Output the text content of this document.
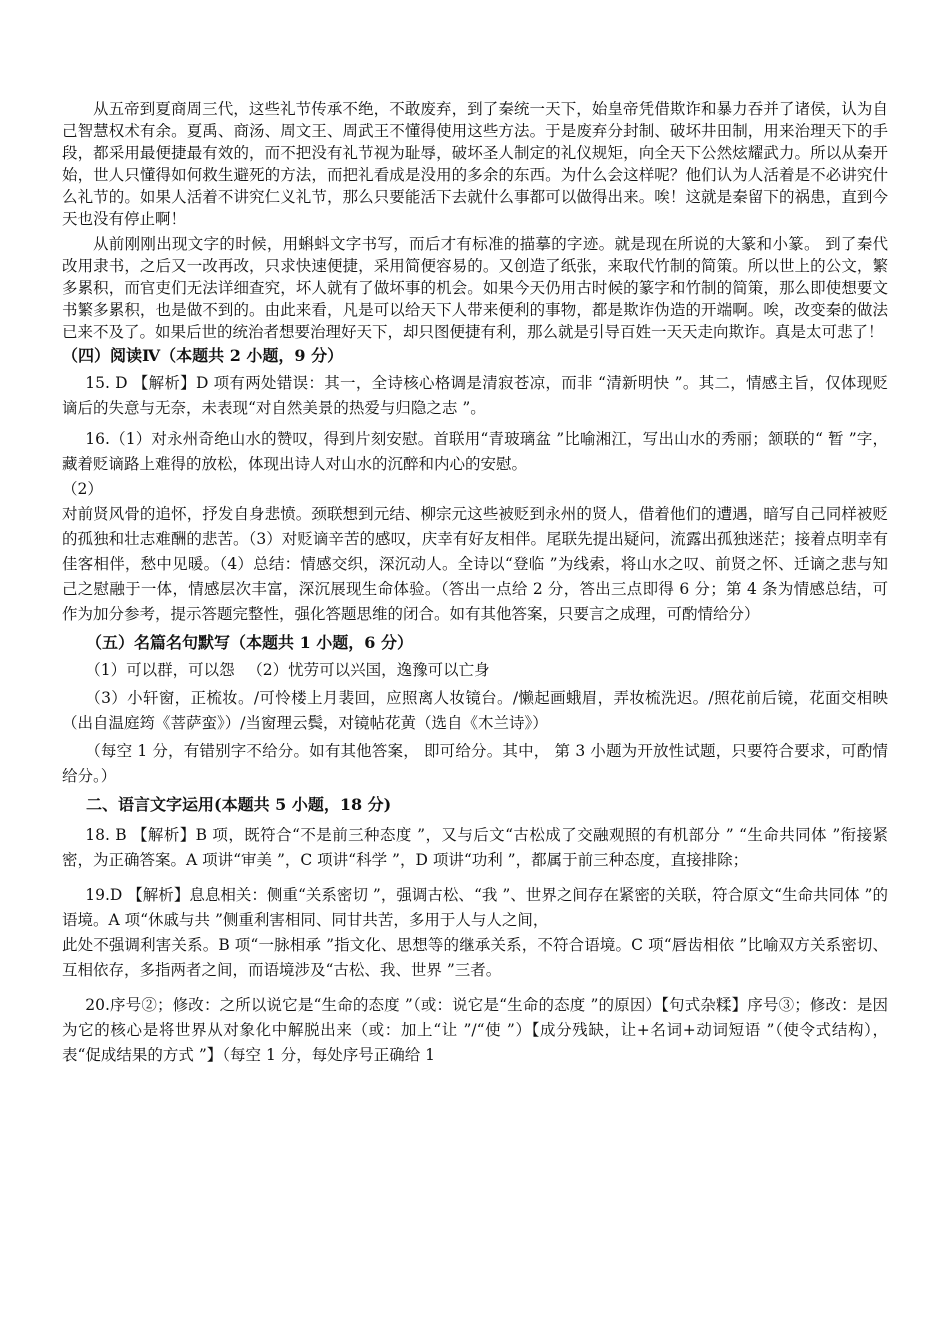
从五帝到夏商周三代，这些礼节传承不绝，不敢废弃，到了秦统一天下，始皇帝凭借欺诈和暴力吞并了诸侯，认为自己智慧权术有余。夏禹、商汤、周文王、周武王不懂得使用这些方法。于是废弃分封制、破坏井田制，用来治理天下的手段，都采用最便捷最有效的，而不把没有礼节视为耻辱，破坏圣人制定的礼仪规矩，向全天下公然炫耀武力。所以从秦开始，世人只懂得如何救生避死的方法，而把礼看成是没用的多余的东西。为什么会这样呢？他们认为人活着是不必讲究什么礼节的。如果人活着不讲究仁义礼节，那么只要能活下去就什么事都可以做得出来。唉！这就是秦留下的祸患，直到今天也没有停止啊！

从前刚刚出现文字的时候，用蝌蚪文字书写，而后才有标准的描摹的字迹。就是现在所说的大篆和小篆。 到了秦代改用隶书，之后又一改再改，只求快速便捷，采用简便容易的。又创造了纸张，来取代竹制的简策。所以世上的公文，繁多累积，而官吏们无法详细查究，坏人就有了做坏事的机会。如果今天仍用古时候的篆字和竹制的简策，那么即使想要文书繁多累积，也是做不到的。由此来看，凡是可以给天下人带来便利的事物，都是欺诈伪造的开端啊。唉，改变秦的做法已来不及了。如果后世的统治者想要治理好天下，却只图便捷有利，那么就是引导百姓一天天走向欺诈。真是太可悲了！

（四）阅读Ⅳ（本题共 2 小题，9 分）

15. D 【解析】D 项有两处错误：其一，全诗核心格调是清寂苍凉，而非 “清新明快 ”。其二，情感主旨，仅体现贬谪后的失意与无奈，未表现“对自然美景的热爱与归隐之志 ”。

16.（1）对永州奇绝山水的赞叹，得到片刻安慰。首联用“青玻璃盆 ”比喻湘江，写出山水的秀丽；颔联的“ 暂 ”字，藏着贬谪路上难得的放松，体现出诗人对山水的沉醉和内心的安慰。

（2）

对前贤风骨的追怀，抒发自身悲愤。颈联想到元结、柳宗元这些被贬到永州的贤人，借着他们的遭遇，暗写自己同样被贬的孤独和壮志难酬的悲苦。（3）对贬谪辛苦的感叹，庆幸有好友相伴。尾联先提出疑问，流露出孤独迷茫；接着点明幸有佳客相伴，愁中见暖。（4）总结：情感交织，深沉动人。全诗以“登临 ”为线索，将山水之叹、前贤之怀、迁谪之悲与知己之慰融于一体，情感层次丰富，深沉展现生命体验。（答出一点给 2 分，答出三点即得 6 分；第 4 条为情感总结，可作为加分参考，提示答题完整性，强化答题思维的闭合。如有其他答案，只要言之成理，可酌情给分）

（五）名篇名句默写（本题共 1 小题，6 分）

（1）可以群，可以怨 　（2）忧劳可以兴国，逸豫可以亡身

（3）小轩窗，正梳妆。/可怜楼上月裴回，应照离人妆镜台。/懒起画蛾眉，弄妆梳洗迟。/照花前后镜，花面交相映（出自温庭筠《菩萨蛮》）/当窗理云鬓，对镜帖花黄（选自《木兰诗》）

（每空 1 分，有错别字不给分。如有其他答案， 即可给分。其中， 第 3 小题为开放性试题，只要符合要求，可酌情给分。）

二、语言文字运用(本题共 5 小题，18 分)

18. B 【解析】B 项，既符合“不是前三种态度 ”，又与后文“古松成了交融观照的有机部分 ” “生命共同体 ”衔接紧密，为正确答案。A 项讲“审美 ”，C 项讲“科学 ”，D 项讲“功利 ”，都属于前三种态度，直接排除；

19.D 【解析】息息相关：侧重“关系密切 ”，强调古松、“我 ”、世界之间存在紧密的关联，符合原文“生命共同体 ”的语境。A 项“休戚与共 ”侧重利害相同、同甘共苦，多用于人与人之间，

此处不强调利害关系。B 项“一脉相承 ”指文化、思想等的继承关系，不符合语境。C 项“唇齿相依 ”比喻双方关系密切、互相依存，多指两者之间，而语境涉及“古松、我、世界 ”三者。

20.序号②；修改：之所以说它是“生命的态度 ”（或：说它是“生命的态度 ”的原因）【句式杂糅】序号③；修改：是因为它的核心是将世界从对象化中解脱出来（或：加上“让 ”/“使 ”）【成分残缺，让+名词+动词短语 ”（使令式结构），表“促成结果的方式 ”】（每空 1 分，每处序号正确给 1
